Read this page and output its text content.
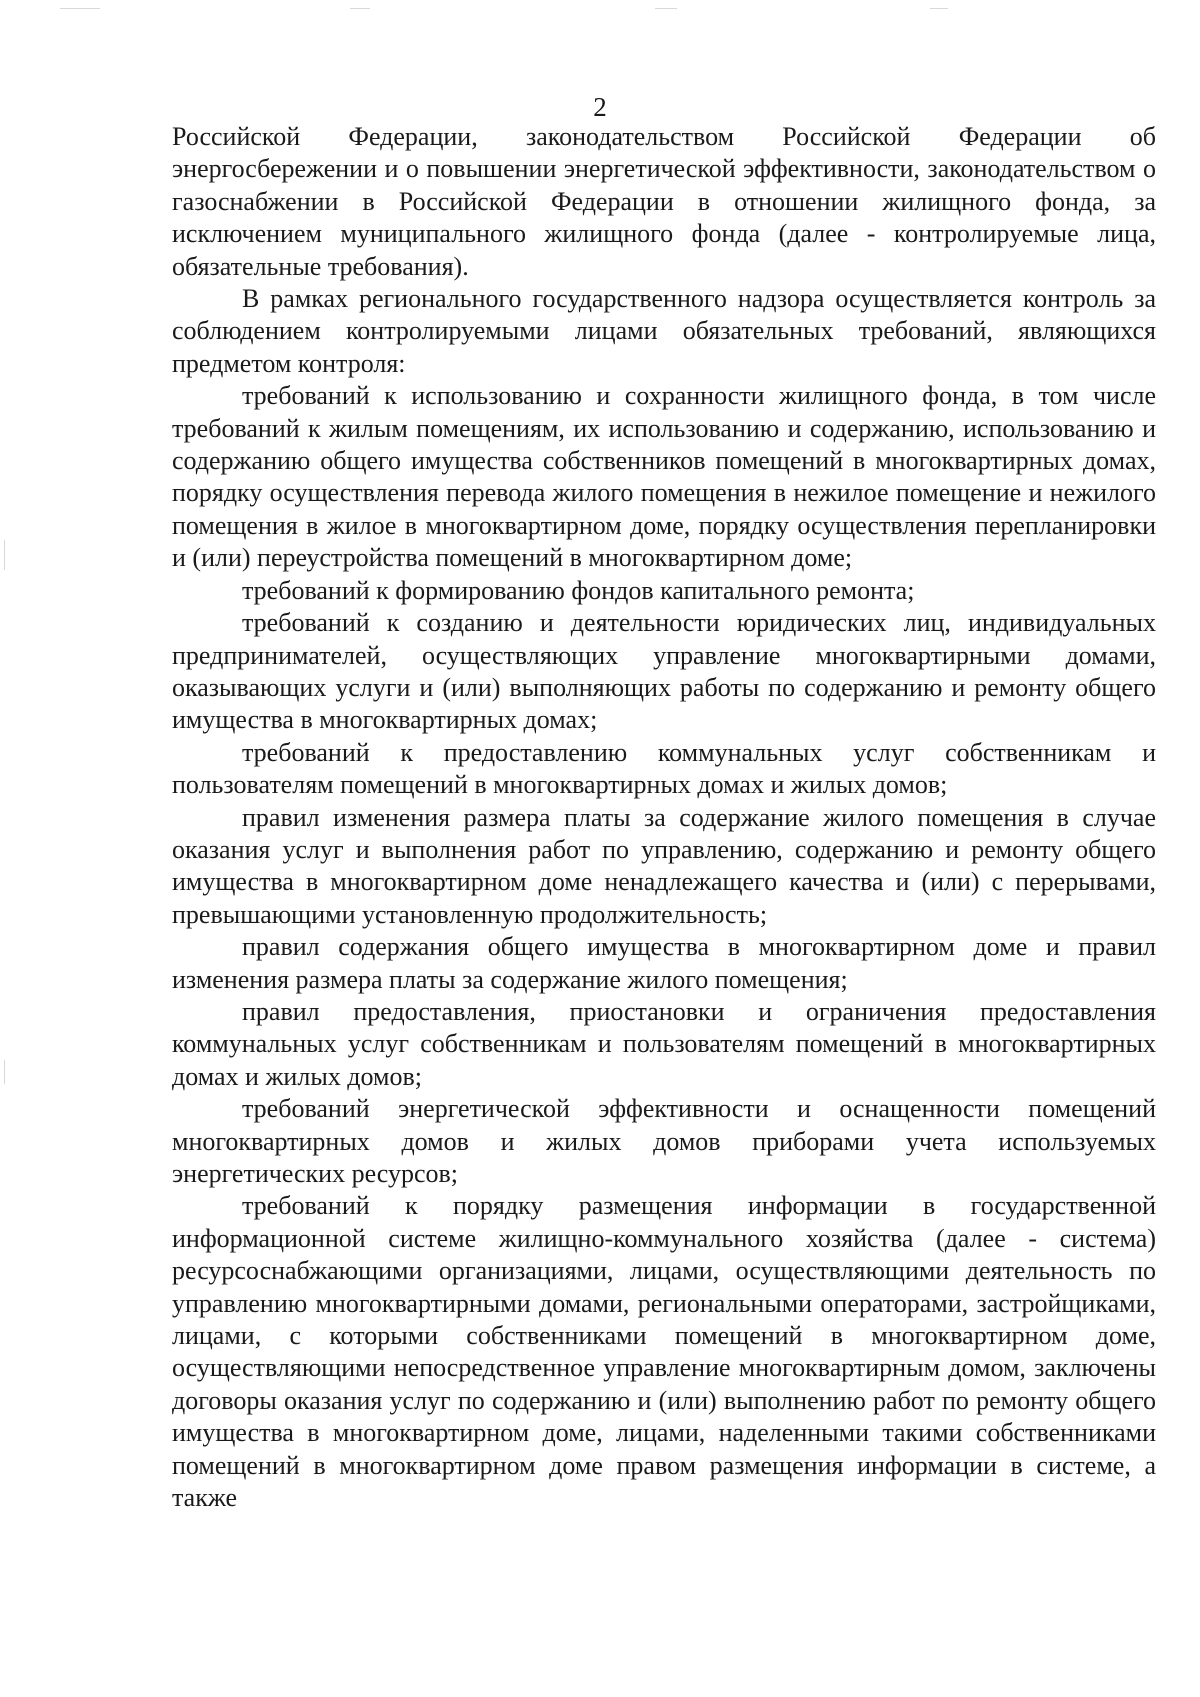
2

Российской Федерации, законодательством Российской Федерации об энергосбережении и о повышении энергетической эффективности, законодательством о газоснабжении в Российской Федерации в отношении жилищного фонда, за исключением муниципального жилищного фонда (далее - контролируемые лица, обязательные требования).

В рамках регионального государственного надзора осуществляется контроль за соблюдением контролируемыми лицами обязательных требований, являющихся предметом контроля:

требований к использованию и сохранности жилищного фонда, в том числе требований к жилым помещениям, их использованию и содержанию, использованию и содержанию общего имущества собственников помещений в многоквартирных домах, порядку осуществления перевода жилого помещения в нежилое помещение и нежилого помещения в жилое в многоквартирном доме, порядку осуществления перепланировки и (или) переустройства помещений в многоквартирном доме;

требований к формированию фондов капитального ремонта;

требований к созданию и деятельности юридических лиц, индивидуальных предпринимателей, осуществляющих управление многоквартирными домами, оказывающих услуги и (или) выполняющих работы по содержанию и ремонту общего имущества в многоквартирных домах;

требований к предоставлению коммунальных услуг собственникам и пользователям помещений в многоквартирных домах и жилых домов;

правил изменения размера платы за содержание жилого помещения в случае оказания услуг и выполнения работ по управлению, содержанию и ремонту общего имущества в многоквартирном доме ненадлежащего качества и (или) с перерывами, превышающими установленную продолжительность;

правил содержания общего имущества в многоквартирном доме и правил изменения размера платы за содержание жилого помещения;

правил предоставления, приостановки и ограничения предоставления коммунальных услуг собственникам и пользователям помещений в многоквартирных домах и жилых домов;

требований энергетической эффективности и оснащенности помещений многоквартирных домов и жилых домов приборами учета используемых энергетических ресурсов;

требований к порядку размещения информации в государственной информационной системе жилищно-коммунального хозяйства (далее - система) ресурсоснабжающими организациями, лицами, осуществляющими деятельность по управлению многоквартирными домами, региональными операторами, застройщиками, лицами, с которыми собственниками помещений в многоквартирном доме, осуществляющими непосредственное управление многоквартирным домом, заключены договоры оказания услуг по содержанию и (или) выполнению работ по ремонту общего имущества в многоквартирном доме, лицами, наделенными такими собственниками помещений в многоквартирном доме правом размещения информации в системе, а также
